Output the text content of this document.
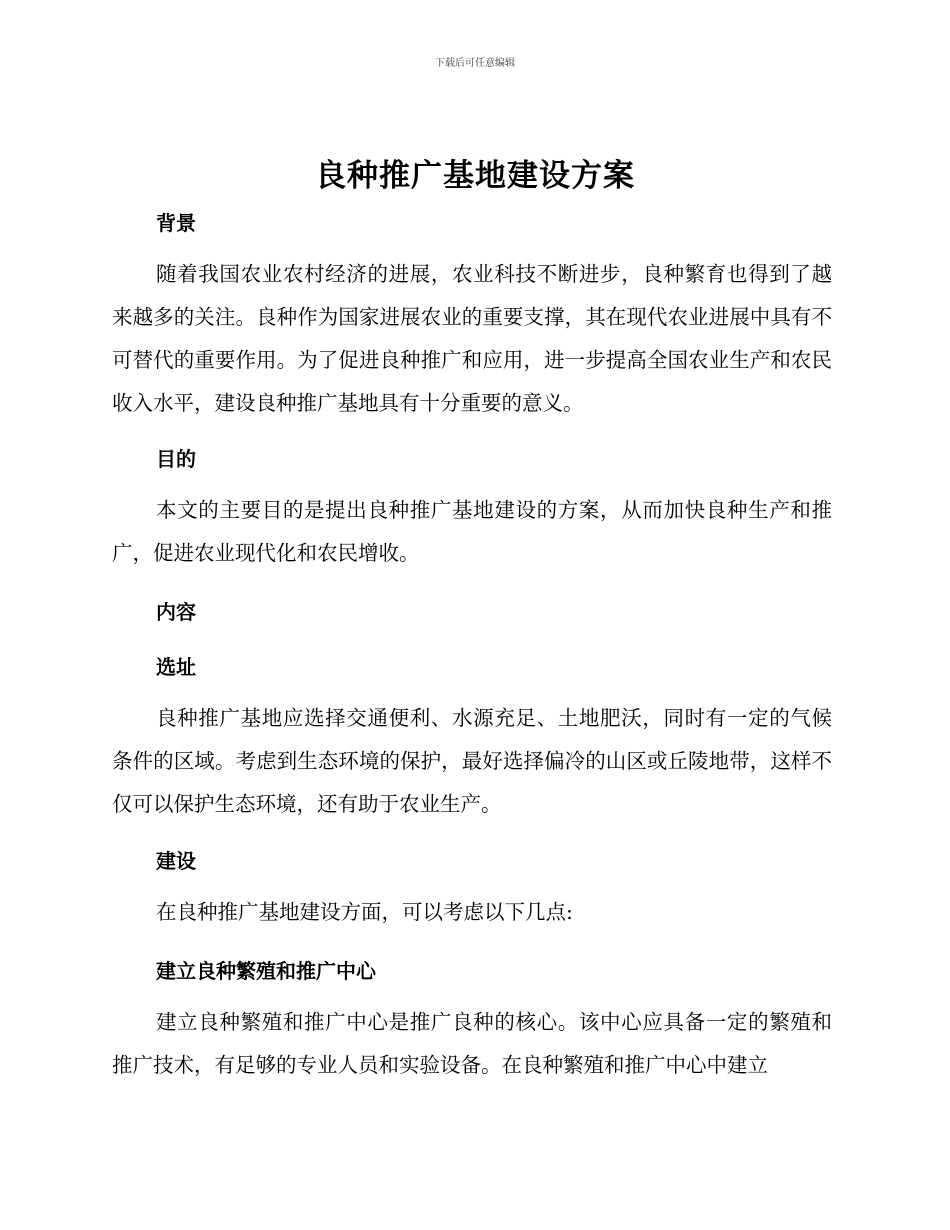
下载后可任意编辑
良种推广基地建设方案
背景
随着我国农业农村经济的进展，农业科技不断进步，良种繁育也得到了越来越多的关注。良种作为国家进展农业的重要支撑，其在现代农业进展中具有不可替代的重要作用。为了促进良种推广和应用，进一步提高全国农业生产和农民收入水平，建设良种推广基地具有十分重要的意义。
目的
本文的主要目的是提出良种推广基地建设的方案，从而加快良种生产和推广，促进农业现代化和农民增收。
内容
选址
良种推广基地应选择交通便利、水源充足、土地肥沃，同时有一定的气候条件的区域。考虑到生态环境的保护，最好选择偏冷的山区或丘陵地带，这样不仅可以保护生态环境，还有助于农业生产。
建设
在良种推广基地建设方面，可以考虑以下几点:
建立良种繁殖和推广中心
建立良种繁殖和推广中心是推广良种的核心。该中心应具备一定的繁殖和推广技术，有足够的专业人员和实验设备。在良种繁殖和推广中心中建立
